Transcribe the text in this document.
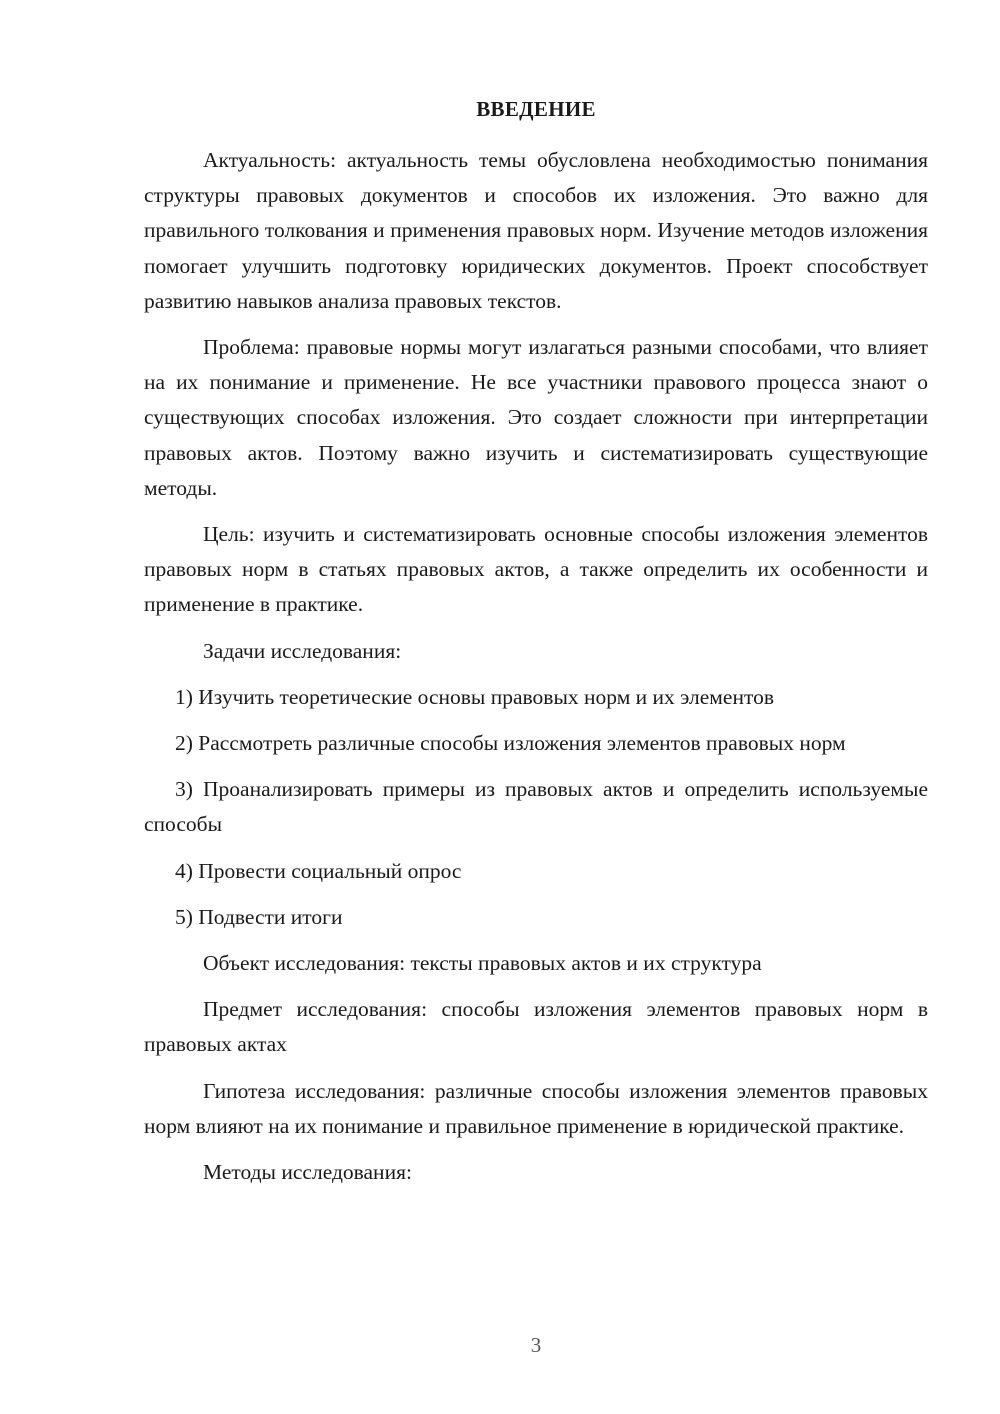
ВВЕДЕНИЕ

Актуальность: актуальность темы обусловлена необходимостью понимания структуры правовых документов и способов их изложения. Это важно для правильного толкования и применения правовых норм. Изучение методов изложения помогает улучшить подготовку юридических документов. Проект способствует развитию навыков анализа правовых текстов.

Проблема: правовые нормы могут излагаться разными способами, что влияет на их понимание и применение. Не все участники правового процесса знают о существующих способах изложения. Это создает сложности при интерпретации правовых актов. Поэтому важно изучить и систематизировать существующие методы.

Цель: изучить и систематизировать основные способы изложения элементов правовых норм в статьях правовых актов, а также определить их особенности и применение в практике.

Задачи исследования:

1) Изучить теоретические основы правовых норм и их элементов

2) Рассмотреть различные способы изложения элементов правовых норм

3) Проанализировать примеры из правовых актов и определить используемые способы

4) Провести социальный опрос

5) Подвести итоги

Объект исследования: тексты правовых актов и их структура

Предмет исследования: способы изложения элементов правовых норм в правовых актах

Гипотеза исследования: различные способы изложения элементов правовых норм влияют на их понимание и правильное применение в юридической практике.

Методы исследования:

3
